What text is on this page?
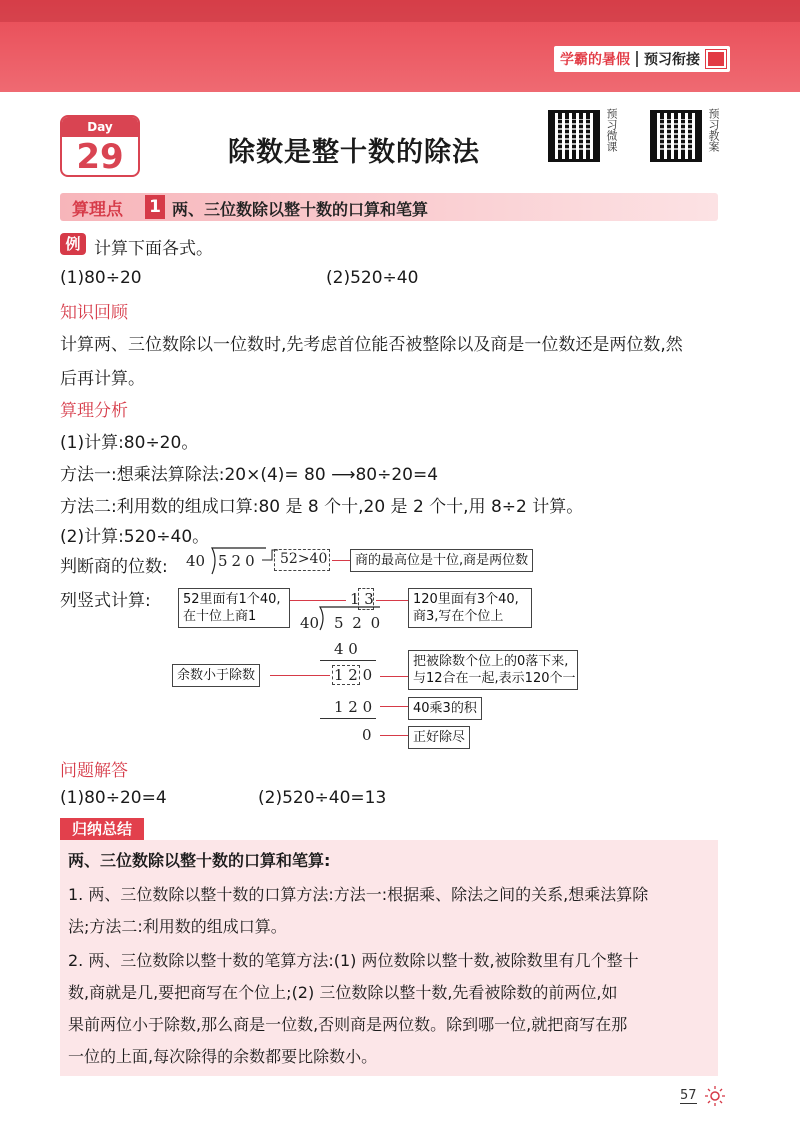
学霸的暑假	预习衔接
Day
29	除数是整十数的除法
预习微课	预习教案
算理点 1 两、三位数除以整十数的口算和笔算
例 计算下面各式。
(1)80÷20	(2)520÷40
知识回顾
计算两、三位数除以一位数时,先考虑首位能否被整除以及商是一位数还是两位数,然
后再计算。
算理分析
(1)计算:80÷20。
方法一:想乘法算除法:20×(4)= 80 ⟶80÷20=4
方法二:利用数的组成口算:80 是 8 个十,20 是 2 个十,用 8÷2 计算。
(2)计算:520÷40。
判断商的位数: 40 520 52>40	商的最高位是十位,商是两位数
列竖式计算: 52里面有1个40,
在十位上商1
1 3	120里面有3个40,
商3,写在个位上
40 5 2 0
4 0
余数小于除数	1 2 0
把被除数个位上的0落下来,
与12合在一起,表示120个一
1 2 0	40乘3的积
0	正好除尽
问题解答
(1)80÷20=4	(2)520÷40=13
归纳总结
两、三位数除以整十数的口算和笔算:
1. 两、三位数除以整十数的口算方法:方法一:根据乘、除法之间的关系,想乘法算除
法;方法二:利用数的组成口算。
2. 两、三位数除以整十数的笔算方法:(1) 两位数除以整十数,被除数里有几个整十
数,商就是几,要把商写在个位上;(2) 三位数除以整十数,先看被除数的前两位,如
果前两位小于除数,那么商是一位数,否则商是两位数。除到哪一位,就把商写在那
一位的上面,每次除得的余数都要比除数小。
57
